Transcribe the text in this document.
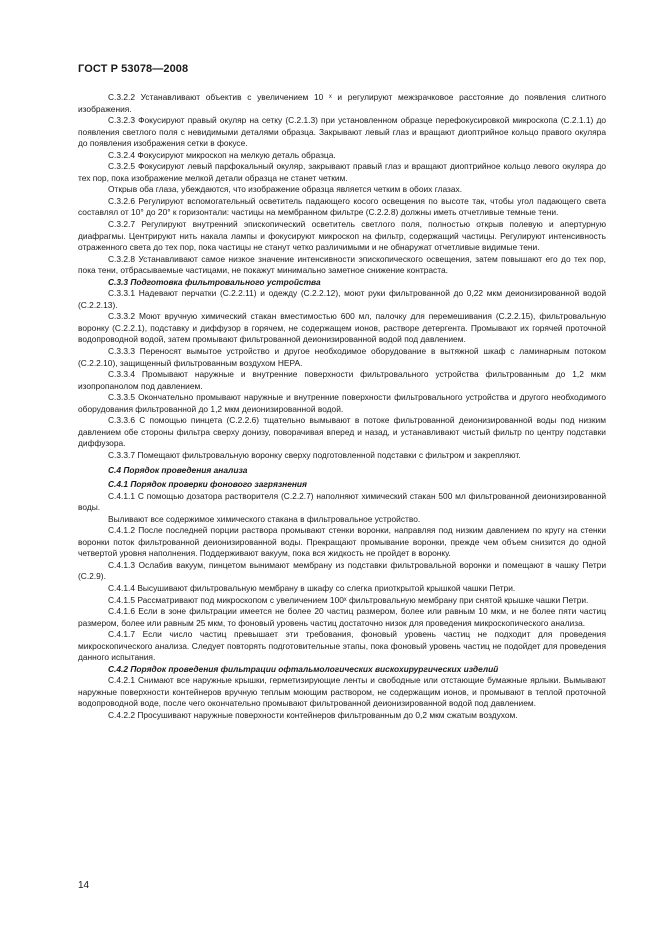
ГОСТ Р 53078—2008

С.3.2.2 Устанавливают объектив с увеличением 10 ˣ и регулируют межзрачковое расстояние до появления слитного изображения.

С.3.2.3 Фокусируют правый окуляр на сетку (С.2.1.3) при установленном образце перефокусировкой микроскопа (С.2.1.1) до появления светлого поля с невидимыми деталями образца. Закрывают левый глаз и вращают диоптрийное кольцо правого окуляра до появления изображения сетки в фокусе.

С.3.2.4 Фокусируют микроскоп на мелкую деталь образца.

С.3.2.5 Фокусируют левый парфокальный окуляр, закрывают правый глаз и вращают диоптрийное кольцо левого окуляра до тех пор, пока изображение мелкой детали образца не станет четким.

Открыв оба глаза, убеждаются, что изображение образца является четким в обоих глазах.

С.3.2.6 Регулируют вспомогательный осветитель падающего косого освещения по высоте так, чтобы угол падающего света составлял от 10° до 20° к горизонтали: частицы на мембранном фильтре (С.2.2.8) должны иметь отчетливые темные тени.

С.3.2.7 Регулируют внутренний эпископический осветитель светлого поля, полностью открыв полевую и апертурную диафрагмы. Центрируют нить накала лампы и фокусируют микроскоп на фильтр, содержащий частицы. Регулируют интенсивность отраженного света до тех пор, пока частицы не станут четко различимыми и не обнаружат отчетливые видимые тени.

С.3.2.8 Устанавливают самое низкое значение интенсивности эпископического освещения, затем повышают его до тех пор, пока тени, отбрасываемые частицами, не покажут минимально заметное снижение контраста.

С.3.3 Подготовка фильтровального устройства

С.3.3.1 Надевают перчатки (С.2.2.11) и одежду (С.2.2.12), моют руки фильтрованной до 0,22 мкм деионизированной водой (С.2.2.13).

С.3.3.2 Моют вручную химический стакан вместимостью 600 мл, палочку для перемешивания (С.2.2.15), фильтровальную воронку (С.2.2.1), подставку и диффузор в горячем, не содержащем ионов, растворе детергента. Промывают их горячей проточной водопроводной водой, затем промывают фильтрованной деионизированной водой под давлением.

С.3.3.3 Переносят вымытое устройство и другое необходимое оборудование в вытяжной шкаф с ламинарным потоком (С.2.2.10), защищенный фильтрованным воздухом НЕРА.

С.3.3.4 Промывают наружные и внутренние поверхности фильтровального устройства фильтрованным до 1,2 мкм изопропанолом под давлением.

С.3.3.5 Окончательно промывают наружные и внутренние поверхности фильтровального устройства и другого необходимого оборудования фильтрованной до 1,2 мкм деионизированной водой.

С.3.3.6 С помощью пинцета (С.2.2.6) тщательно вымывают в потоке фильтрованной деионизированной воды под низким давлением обе стороны фильтра сверху донизу, поворачивая вперед и назад, и устанавливают чистый фильтр по центру подставки диффузора.

С.3.3.7 Помещают фильтровальную воронку сверху подготовленной подставки с фильтром и закрепляют.

С.4 Порядок проведения анализа

С.4.1 Порядок проверки фонового загрязнения

С.4.1.1 С помощью дозатора растворителя (С.2.2.7) наполняют химический стакан 500 мл фильтрованной деионизированной воды.

Выливают все содержимое химического стакана в фильтровальное устройство.

С.4.1.2 После последней порции раствора промывают стенки воронки, направляя под низким давлением по кругу на стенки воронки поток фильтрованной деионизированной воды. Прекращают промывание воронки, прежде чем объем снизится до одной четвертой уровня наполнения. Поддерживают вакуум, пока вся жидкость не пройдет в воронку.

С.4.1.3 Ослабив вакуум, пинцетом вынимают мембрану из подставки фильтровальной воронки и помещают в чашку Петри (С.2.9).

С.4.1.4 Высушивают фильтровальную мембрану в шкафу со слегка приоткрытой крышкой чашки Петри.

С.4.1.5 Рассматривают под микроскопом с увеличением 100ˣ фильтровальную мембрану при снятой крышке чашки Петри.

С.4.1.6 Если в зоне фильтрации имеется не более 20 частиц размером, более или равным 10 мкм, и не более пяти частиц размером, более или равным 25 мкм, то фоновый уровень частиц достаточно низок для проведения микроскопического анализа.

С.4.1.7 Если число частиц превышает эти требования, фоновый уровень частиц не подходит для проведения микроскопического анализа. Следует повторять подготовительные этапы, пока фоновый уровень частиц не подойдет для проведения данного испытания.

С.4.2 Порядок проведения фильтрации офтальмологических вискохирургических изделий

С.4.2.1 Снимают все наружные крышки, герметизирующие ленты и свободные или отстающие бумажные ярлыки. Вымывают наружные поверхности контейнеров вручную теплым моющим раствором, не содержащим ионов, и промывают в теплой проточной водопроводной воде, после чего окончательно промывают фильтрованной деионизированной водой под давлением.

С.4.2.2 Просушивают наружные поверхности контейнеров фильтрованным до 0,2 мкм сжатым воздухом.

14
